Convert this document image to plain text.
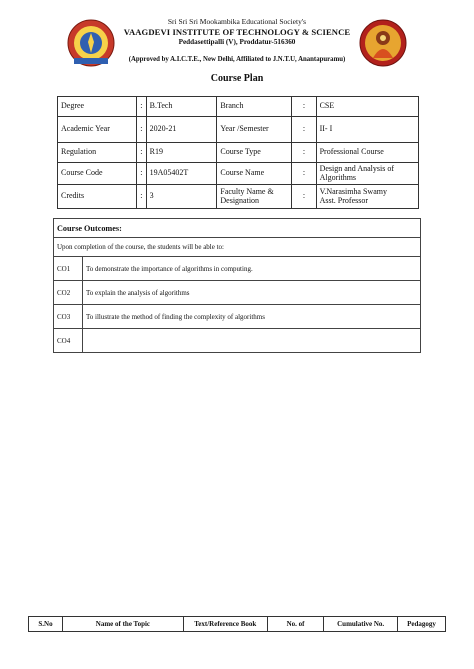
Sri Sri Sri Mookambika Educational Society's
VAAGDEVI INSTITUTE OF TECHNOLOGY & SCIENCE
Peddasettipalli (V), Proddatur-516360
(Approved by A.I.C.T.E., New Delhi, Affiliated to J.N.T.U, Anantapuramu)
Course Plan
Degree	:	B.Tech	Branch	:	CSE
Academic Year	:	2020-21	Year /Semester	:	II- I
Regulation	:	R19	Course Type	:	Professional Course
Course Code	:	19A05402T	Course Name	:	Design and Analysis of Algorithms
Credits	:	3	Faculty Name & Designation	:	V.Narasimha Swamy
Asst. Professor
Course Outcomes:	
Upon completion of the course, the students will be able to:	
CO1	To demonstrate the importance of algorithms in computing.
CO2	To explain the analysis of algorithms
CO3	To illustrate the method of finding the complexity of algorithms
CO4	
S.No	Name of the Topic	Text/Reference Book	No. of	Cumulative No.	Pedagogy
